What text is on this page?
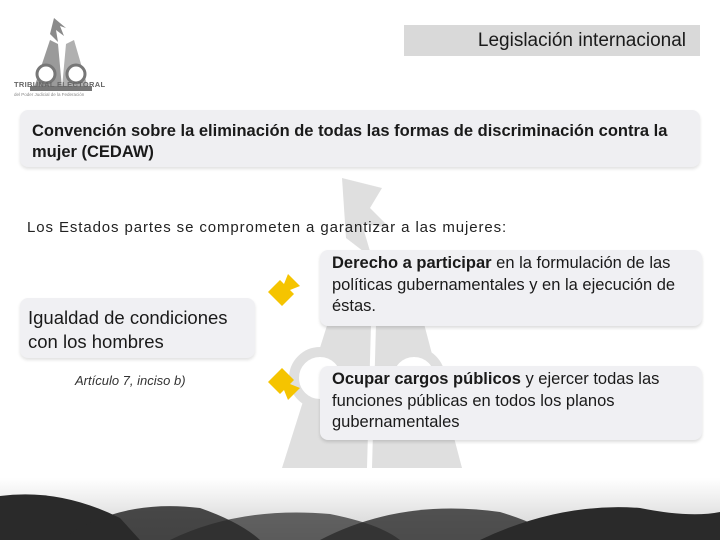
TRIBUNAL ELECTORAL
del Poder Judicial de la Federación
Legislación internacional
Convención sobre la eliminación de todas las formas de discriminación contra la mujer (CEDAW)
Los Estados partes se comprometen a garantizar a las mujeres:
Igualdad de condiciones con los hombres
Artículo 7, inciso b)
Derecho a participar en la formulación de las políticas gubernamentales y en la ejecución de éstas.
Ocupar cargos públicos y ejercer todas las funciones públicas en todos los planos gubernamentales
